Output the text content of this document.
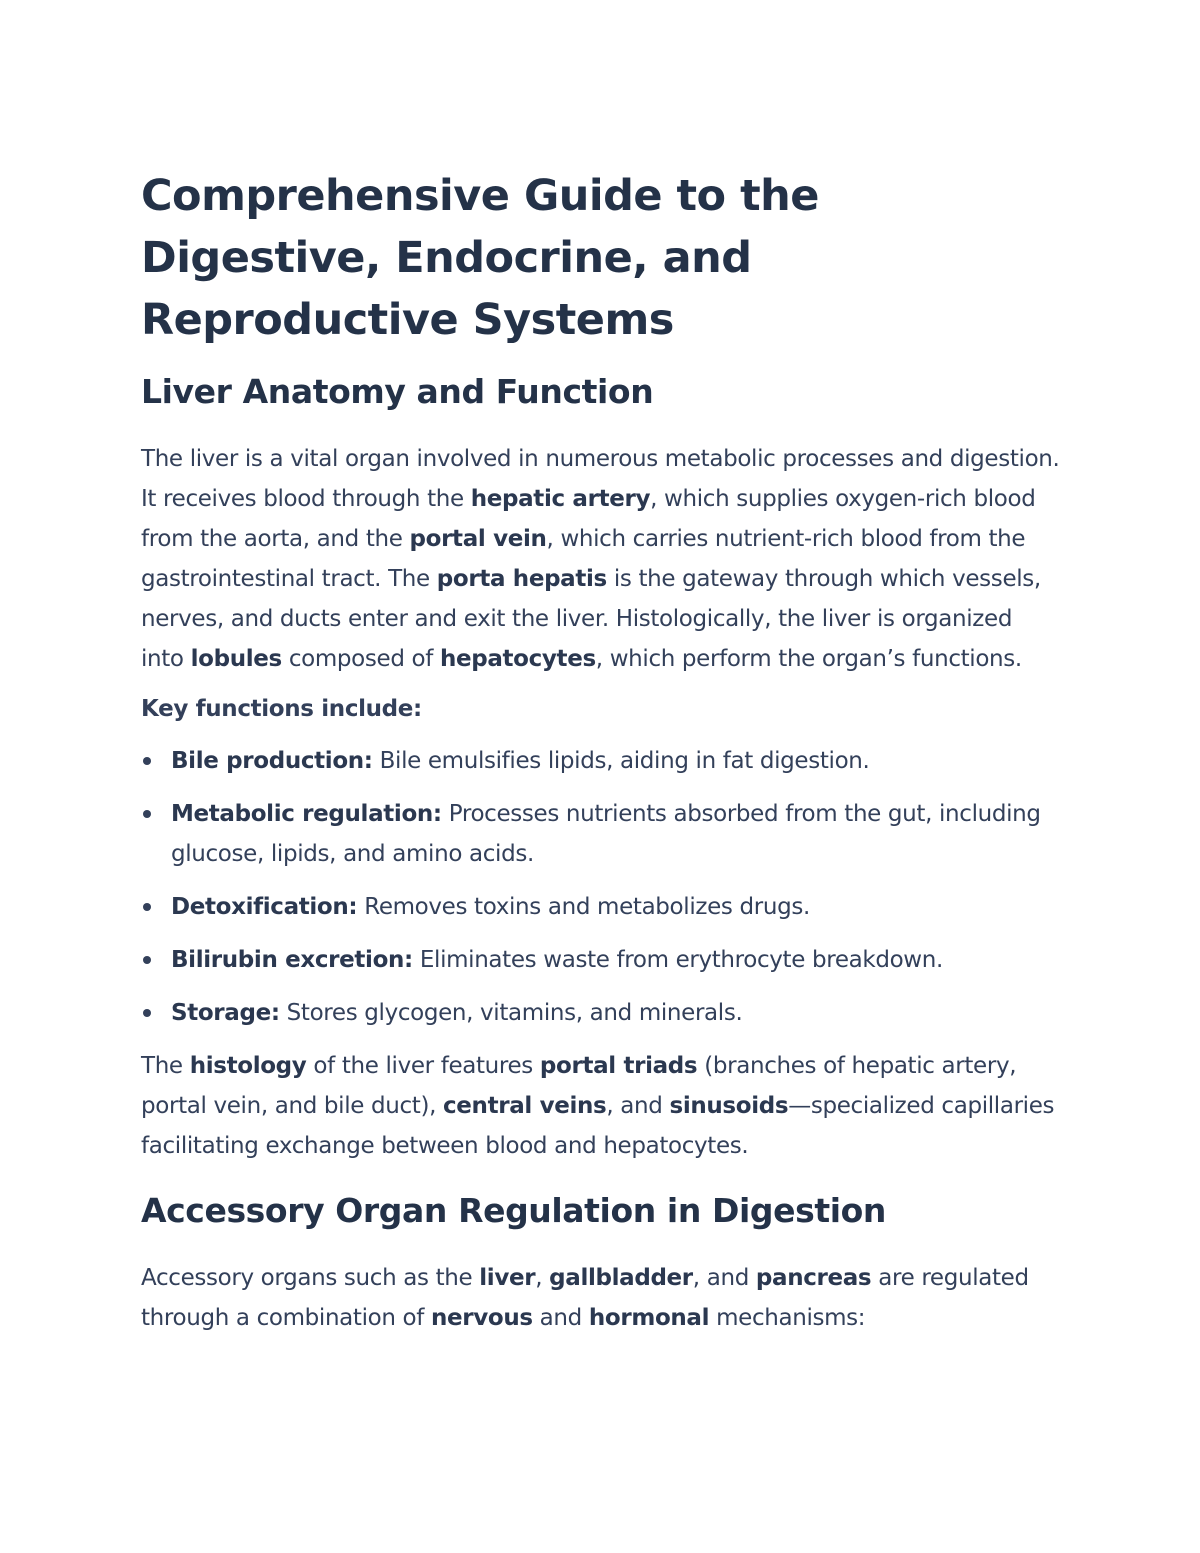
Comprehensive Guide to the Digestive, Endocrine, and Reproductive Systems
Liver Anatomy and Function

The liver is a vital organ involved in numerous metabolic processes and digestion. It receives blood through the hepatic artery, which supplies oxygen-rich blood from the aorta, and the portal vein, which carries nutrient-rich blood from the gastrointestinal tract. The porta hepatis is the gateway through which vessels, nerves, and ducts enter and exit the liver. Histologically, the liver is organized into lobules composed of hepatocytes, which perform the organ’s functions.

Key functions include:

Bile production: Bile emulsifies lipids, aiding in fat digestion.
Metabolic regulation: Processes nutrients absorbed from the gut, including glucose, lipids, and amino acids.
Detoxification: Removes toxins and metabolizes drugs.
Bilirubin excretion: Eliminates waste from erythrocyte breakdown.
Storage: Stores glycogen, vitamins, and minerals.

The histology of the liver features portal triads (branches of hepatic artery, portal vein, and bile duct), central veins, and sinusoids—specialized capillaries facilitating exchange between blood and hepatocytes.

Accessory Organ Regulation in Digestion

Accessory organs such as the liver, gallbladder, and pancreas are regulated through a combination of nervous and hormonal mechanisms:
